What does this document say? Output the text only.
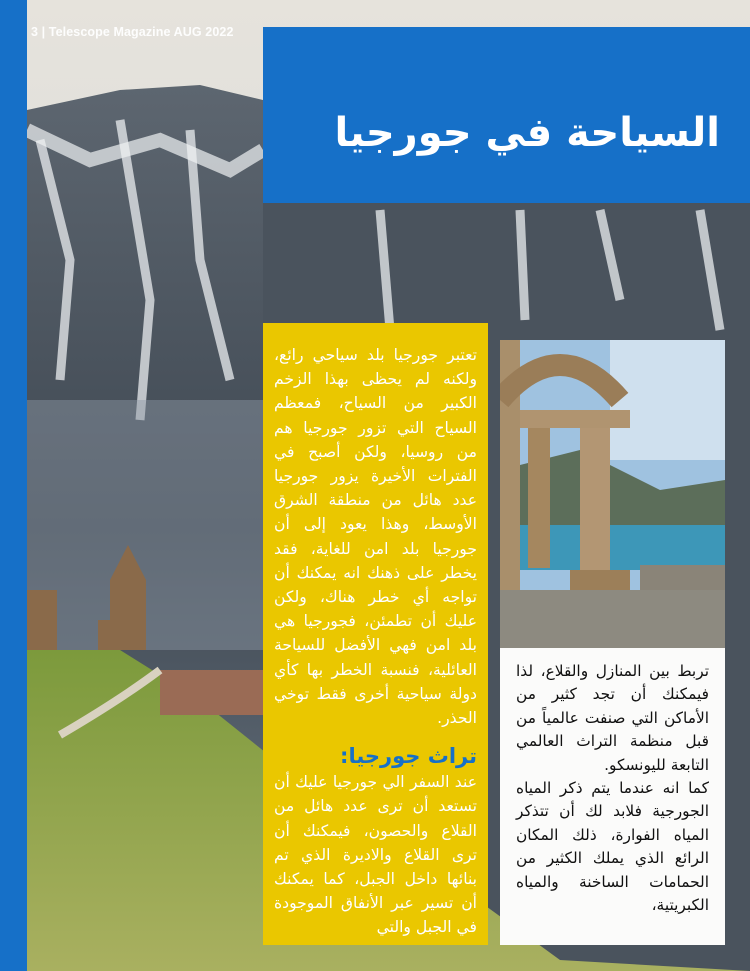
3 | Telescope Magazine AUG 2022
السياحة في جورجيا

تعتبر جورجيا بلد سياحي رائع، ولكنه لم يحظى بهذا الزخم الكبير من السياح، فمعظم السياح التي تزور جورجيا هم من روسيا، ولكن أصبح في الفترات الأخيرة يزور جورجيا عدد هائل من منطقة الشرق الأوسط، وهذا يعود إلى أن جورجيا بلد امن للغاية، فقد يخطر على ذهنك انه يمكنك أن تواجه أي خطر هناك، ولكن عليك أن تطمئن، فجورجيا هي بلد امن فهي الأفضل للسياحة العائلية، فنسبة الخطر بها كأي دولة سياحية أخرى فقط توخي الحذر.

تراث جورجيا:

عند السفر الي جورجيا عليك أن تستعد أن ترى عدد هائل من القلاع والحصون، فيمكنك أن ترى القلاع والاديرة الذي تم بنائها داخل الجبل، كما يمكنك أن تسير عبر الأنفاق الموجودة في الجبل والتي

تربط بين المنازل والقلاع، لذا فيمكنك أن تجد كثير من الأماكن التي صنفت عالمياً من قبل منظمة التراث العالمي التابعة لليونسكو.

كما انه عندما يتم ذكر المياه الجورجية فلابد لك أن تتذكر المياه الفوارة، ذلك المكان الرائع الذي يملك الكثير من الحمامات الساخنة والمياه الكبريتية،
